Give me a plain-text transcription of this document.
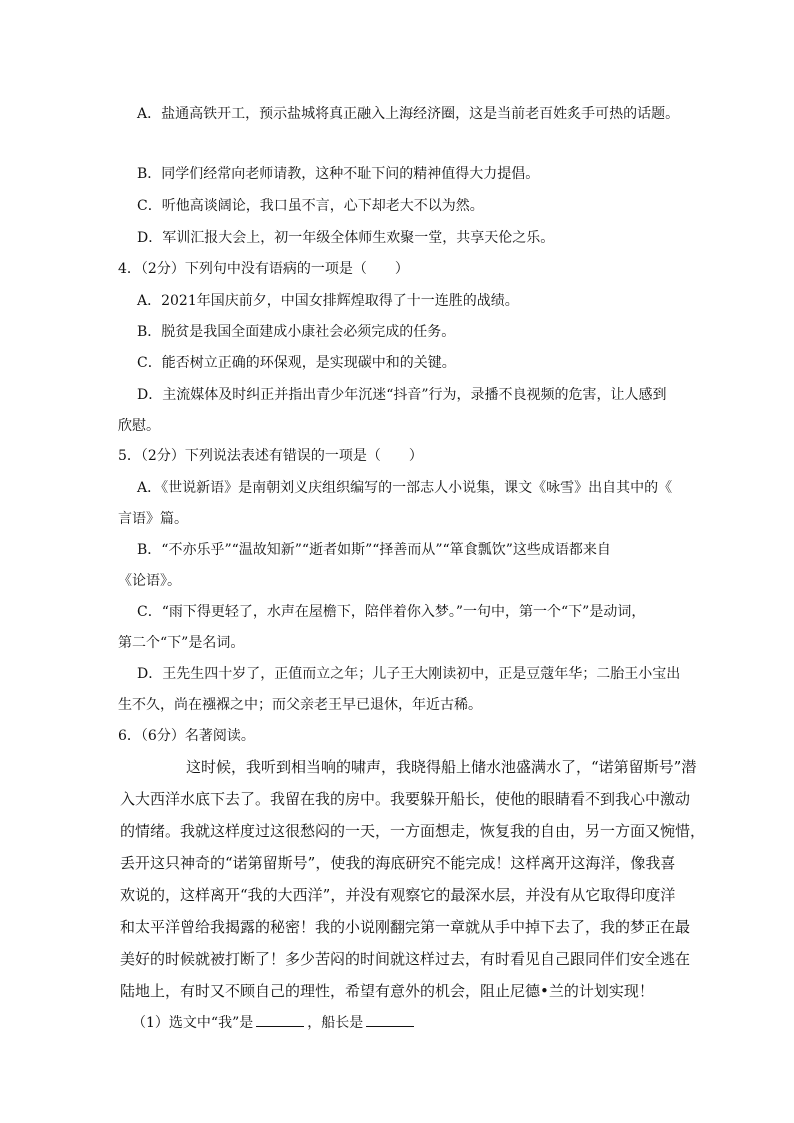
A．盐通高铁开工，预示盐城将真正融入上海经济圈，这是当前老百姓炙手可热的话题。
B．同学们经常向老师请教，这种不耻下问的精神值得大力提倡。
C．听他高谈阔论，我口虽不言，心下却老大不以为然。
D．军训汇报大会上，初一年级全体师生欢聚一堂，共享天伦之乐。
4．（2分）下列句中没有语病的一项是（　　）
A．2021年国庆前夕，中国女排辉煌取得了十一连胜的战绩。
B．脱贫是我国全面建成小康社会必须完成的任务。
C．能否树立正确的环保观，是实现碳中和的关键。
D．主流媒体及时纠正并指出青少年沉迷“抖音”行为，录播不良视频的危害，让人感到
欣慰。
5．（2分）下列说法表述有错误的一项是（　　）
A．《世说新语》是南朝刘义庆组织编写的一部志人小说集，课文《咏雪》出自其中的《
言语》篇。
B．“不亦乐乎”“温故知新”“逝者如斯”“择善而从”“箪食瓢饮”这些成语都来自
《论语》。
C．“雨下得更轻了，水声在屋檐下，陪伴着你入梦。”一句中，第一个“下”是动词，
第二个“下”是名词。
D．王先生四十岁了，正值而立之年；儿子王大刚读初中，正是豆蔻年华；二胎王小宝出
生不久，尚在襁褓之中；而父亲老王早已退休，年近古稀。
6．（6分）名著阅读。
这时候，我听到相当响的啸声，我晓得船上储水池盛满水了，“诺第留斯号”潜
入大西洋水底下去了。我留在我的房中。我要躲开船长，使他的眼睛看不到我心中激动
的情绪。我就这样度过这很愁闷的一天，一方面想走，恢复我的自由，另一方面又惋惜，
丢开这只神奇的“诺第留斯号”，使我的海底研究不能完成！这样离开这海洋，像我喜
欢说的，这样离开“我的大西洋”，并没有观察它的最深水层，并没有从它取得印度洋
和太平洋曾给我揭露的秘密！我的小说刚翻完第一章就从手中掉下去了，我的梦正在最
美好的时候就被打断了！多少苦闷的时间就这样过去，有时看见自己跟同伴们安全逃在
陆地上，有时又不顾自己的理性，希望有意外的机会，阻止尼德•兰的计划实现！
（1）选文中“我”是	，船长是
